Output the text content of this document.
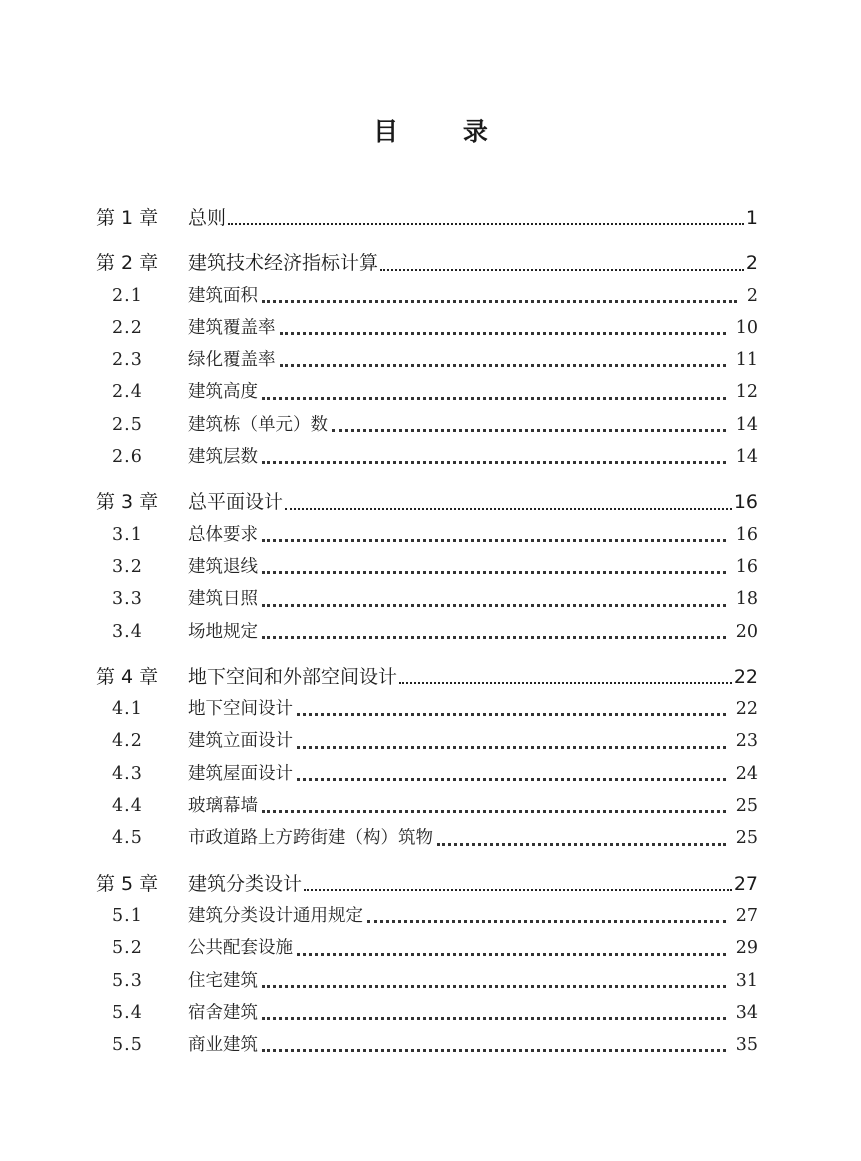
目 录
第 1 章	总则	1
第 2 章	建筑技术经济指标计算	2
2.1	建筑面积	2
2.2	建筑覆盖率	10
2.3	绿化覆盖率	11
2.4	建筑高度	12
2.5	建筑栋（单元）数	14
2.6	建筑层数	14
第 3 章	总平面设计	16
3.1	总体要求	16
3.2	建筑退线	16
3.3	建筑日照	18
3.4	场地规定	20
第 4 章	地下空间和外部空间设计	22
4.1	地下空间设计	22
4.2	建筑立面设计	23
4.3	建筑屋面设计	24
4.4	玻璃幕墙	25
4.5	市政道路上方跨街建（构）筑物	25
第 5 章	建筑分类设计	27
5.1	建筑分类设计通用规定	27
5.2	公共配套设施	29
5.3	住宅建筑	31
5.4	宿舍建筑	34
5.5	商业建筑	35
